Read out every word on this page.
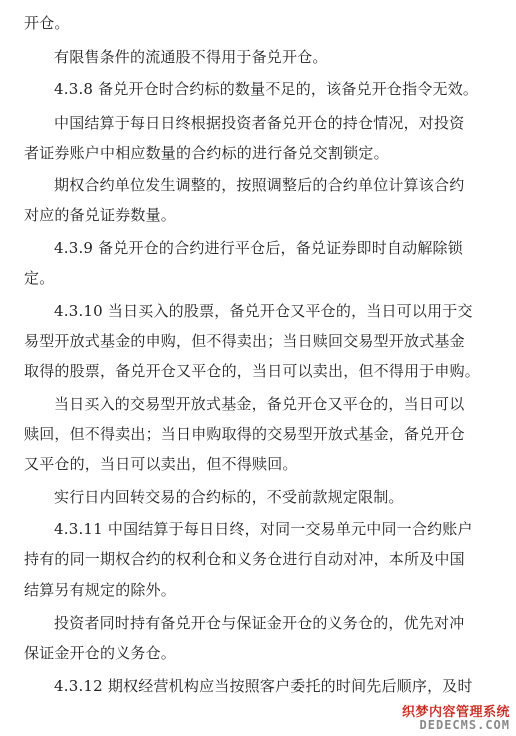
开仓。
有限售条件的流通股不得用于备兑开仓。
4.3.8 备兑开仓时合约标的数量不足的，该备兑开仓指令无效。
中国结算于每日日终根据投资者备兑开仓的持仓情况，对投资
者证券账户中相应数量的合约标的进行备兑交割锁定。
期权合约单位发生调整的，按照调整后的合约单位计算该合约
对应的备兑证券数量。
4.3.9 备兑开仓的合约进行平仓后，备兑证券即时自动解除锁
定。
4.3.10 当日买入的股票，备兑开仓又平仓的，当日可以用于交
易型开放式基金的申购，但不得卖出；当日赎回交易型开放式基金
取得的股票，备兑开仓又平仓的，当日可以卖出，但不得用于申购。
当日买入的交易型开放式基金，备兑开仓又平仓的，当日可以
赎回，但不得卖出；当日申购取得的交易型开放式基金，备兑开仓
又平仓的，当日可以卖出，但不得赎回。
实行日内回转交易的合约标的，不受前款规定限制。
4.3.11 中国结算于每日日终，对同一交易单元中同一合约账户
持有的同一期权合约的权利仓和义务仓进行自动对冲，本所及中国
结算另有规定的除外。
投资者同时持有备兑开仓与保证金开仓的义务仓的，优先对冲
保证金开仓的义务仓。
4.3.12 期权经营机构应当按照客户委托的时间先后顺序，及时
织梦内容管理系统
DEDECMS.COM
